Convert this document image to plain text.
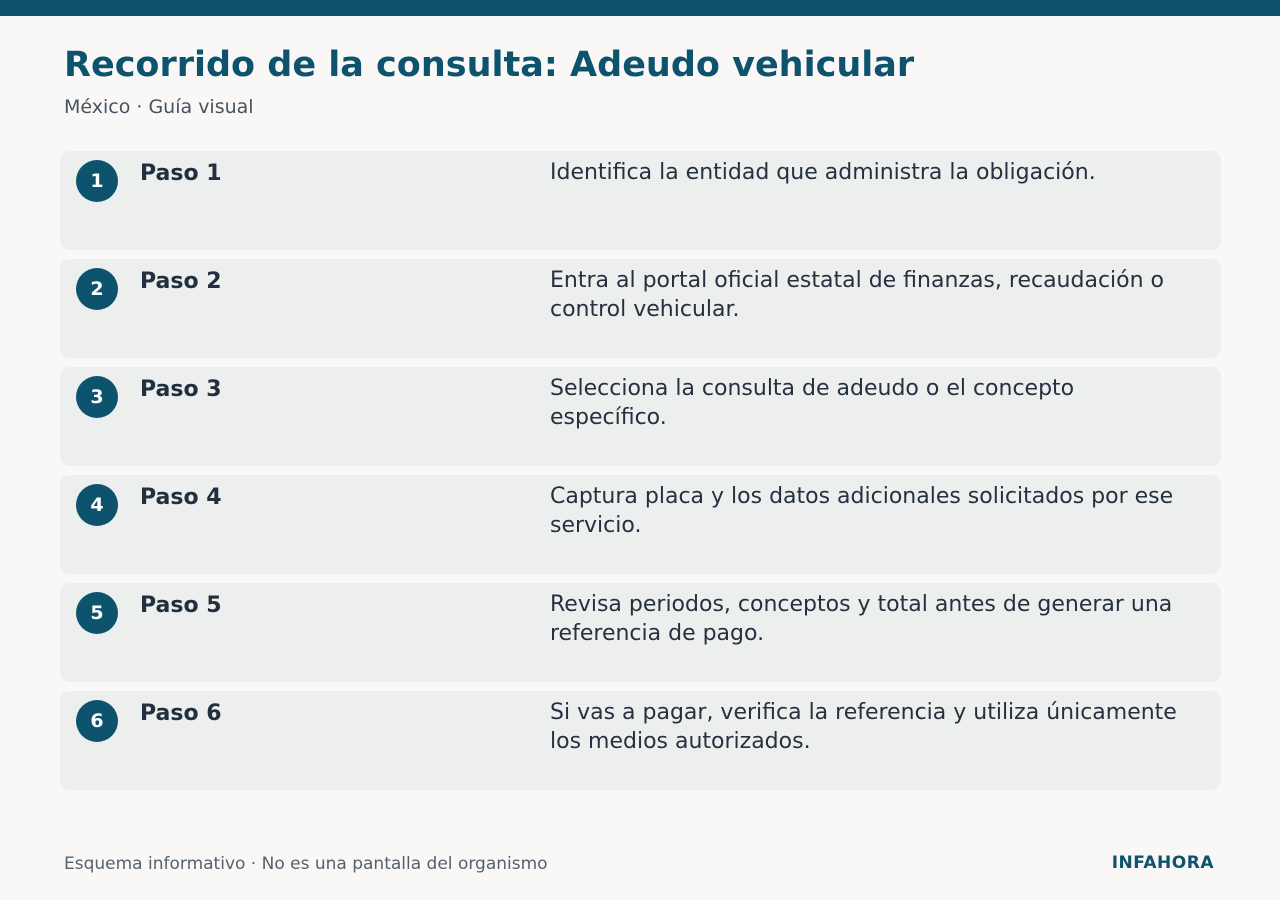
Recorrido de la consulta: Adeudo vehicular
México · Guía visual
1	Paso 1	Identifica la entidad que administra la obligación.
2	Paso 2	Entra al portal oficial estatal de finanzas, recaudación o control vehicular.
3	Paso 3	Selecciona la consulta de adeudo o el concepto específico.
4	Paso 4	Captura placa y los datos adicionales solicitados por ese servicio.
5	Paso 5	Revisa periodos, conceptos y total antes de generar una referencia de pago.
6	Paso 6	Si vas a pagar, verifica la referencia y utiliza únicamente los medios autorizados.
Esquema informativo · No es una pantalla del organismo	INFAHORA
